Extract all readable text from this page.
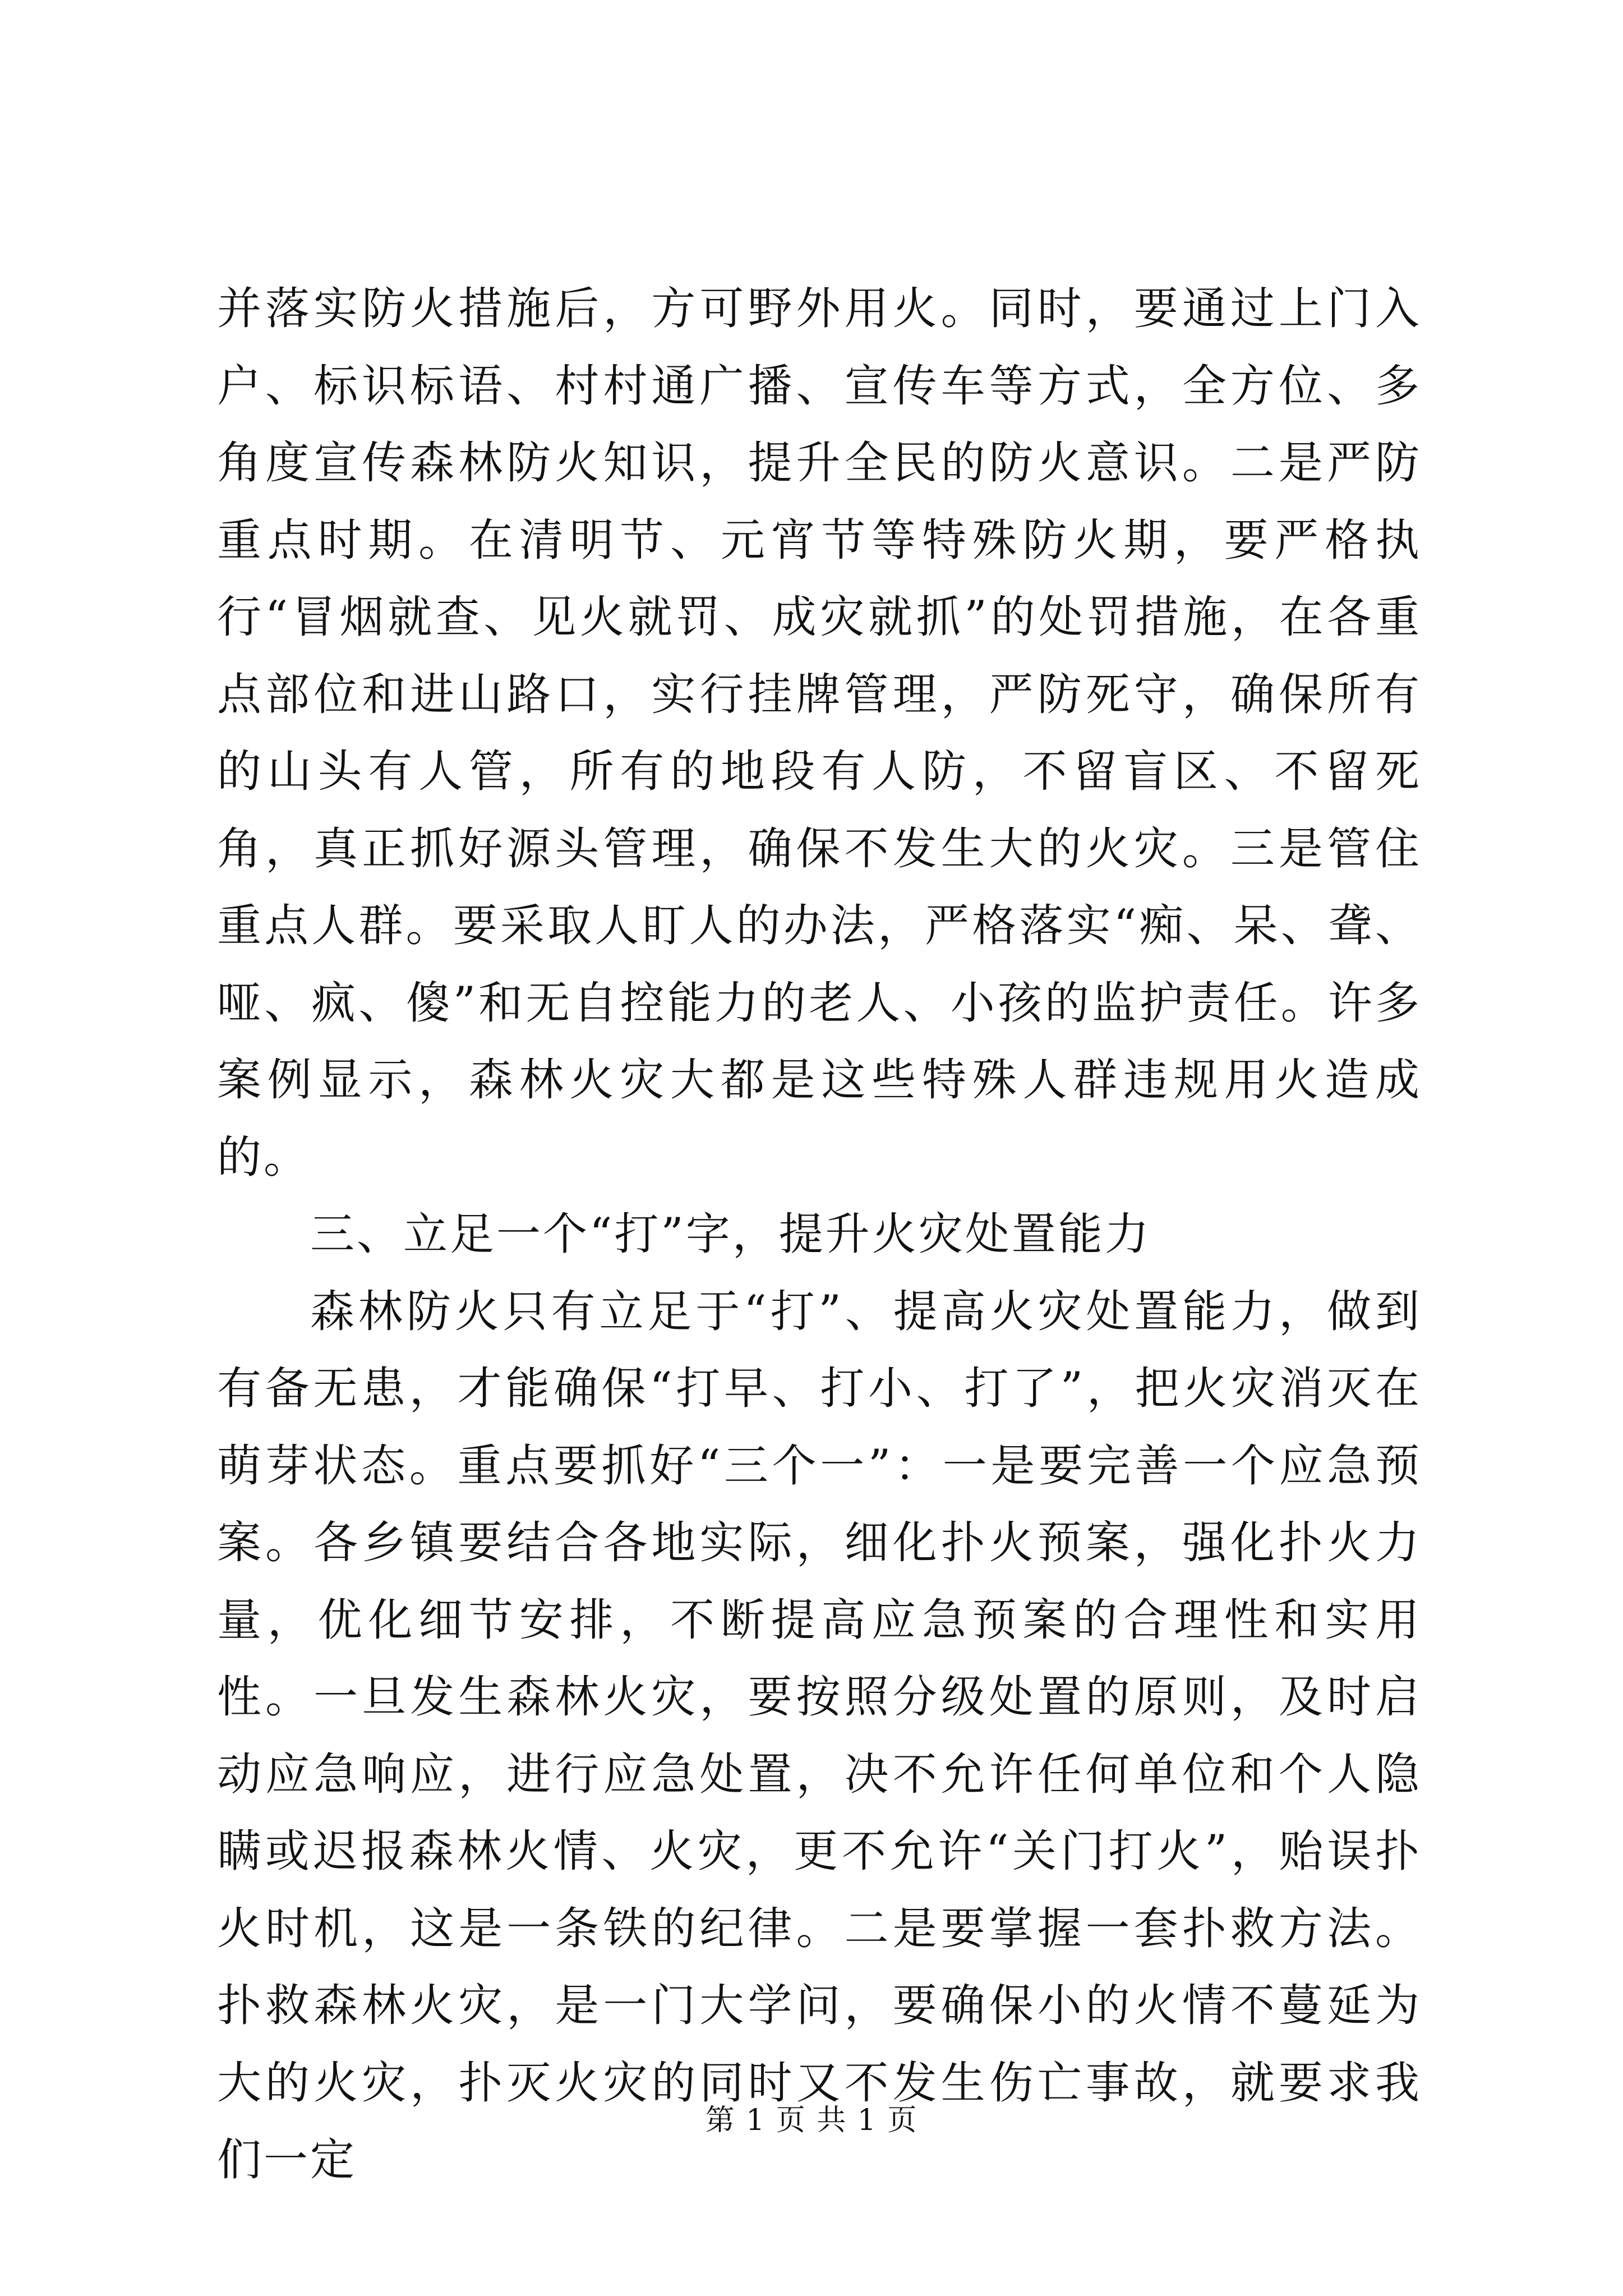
并落实防火措施后，方可野外用火。同时，要通过上门入户、标识标语、村村通广播、宣传车等方式，全方位、多角度宣传森林防火知识，提升全民的防火意识。二是严防重点时期。在清明节、元宵节等特殊防火期，要严格执行“冒烟就查、见火就罚、成灾就抓”的处罚措施，在各重点部位和进山路口，实行挂牌管理，严防死守，确保所有的山头有人管，所有的地段有人防，不留盲区、不留死角，真正抓好源头管理，确保不发生大的火灾。三是管住重点人群。要采取人盯人的办法，严格落实“痴、呆、聋、哑、疯、傻”和无自控能力的老人、小孩的监护责任。许多案例显示，森林火灾大都是这些特殊人群违规用火造成的。

三、立足一个“打”字，提升火灾处置能力

森林防火只有立足于“打”、提高火灾处置能力，做到有备无患，才能确保“打早、打小、打了”，把火灾消灭在萌芽状态。重点要抓好“三个一”：一是要完善一个应急预案。各乡镇要结合各地实际，细化扑火预案，强化扑火力量，优化细节安排，不断提高应急预案的合理性和实用性。一旦发生森林火灾，要按照分级处置的原则，及时启动应急响应，进行应急处置，决不允许任何单位和个人隐瞒或迟报森林火情、火灾，更不允许“关门打火”，贻误扑火时机，这是一条铁的纪律。二是要掌握一套扑救方法。扑救森林火灾，是一门大学问，要确保小的火情不蔓延为大的火灾，扑灭火灾的同时又不发生伤亡事故，就要求我们一定

第 1 页 共 1 页
